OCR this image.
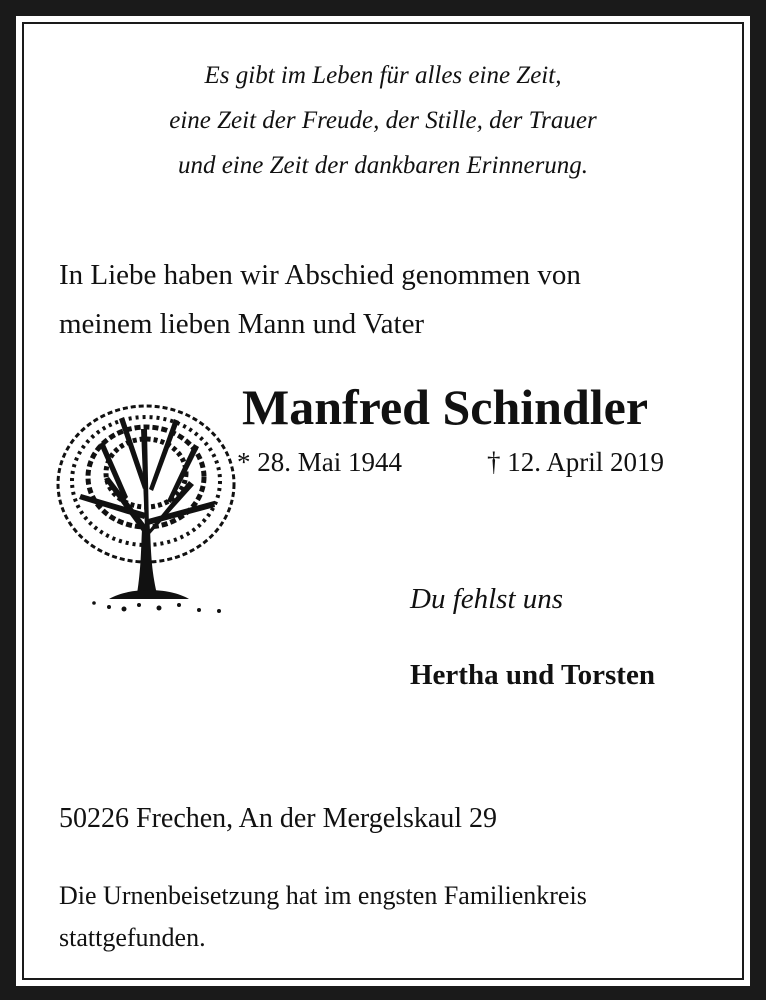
Es gibt im Leben für alles eine Zeit,
eine Zeit der Freude, der Stille, der Trauer
und eine Zeit der dankbaren Erinnerung.
In Liebe haben wir Abschied genommen von
meinem lieben Mann und Vater
Manfred Schindler
* 28. Mai 1944	† 12. April 2019
Du fehlst uns
Hertha und Torsten
50226 Frechen, An der Mergelskaul 29
Die Urnenbeisetzung hat im engsten Familienkreis
stattgefunden.
